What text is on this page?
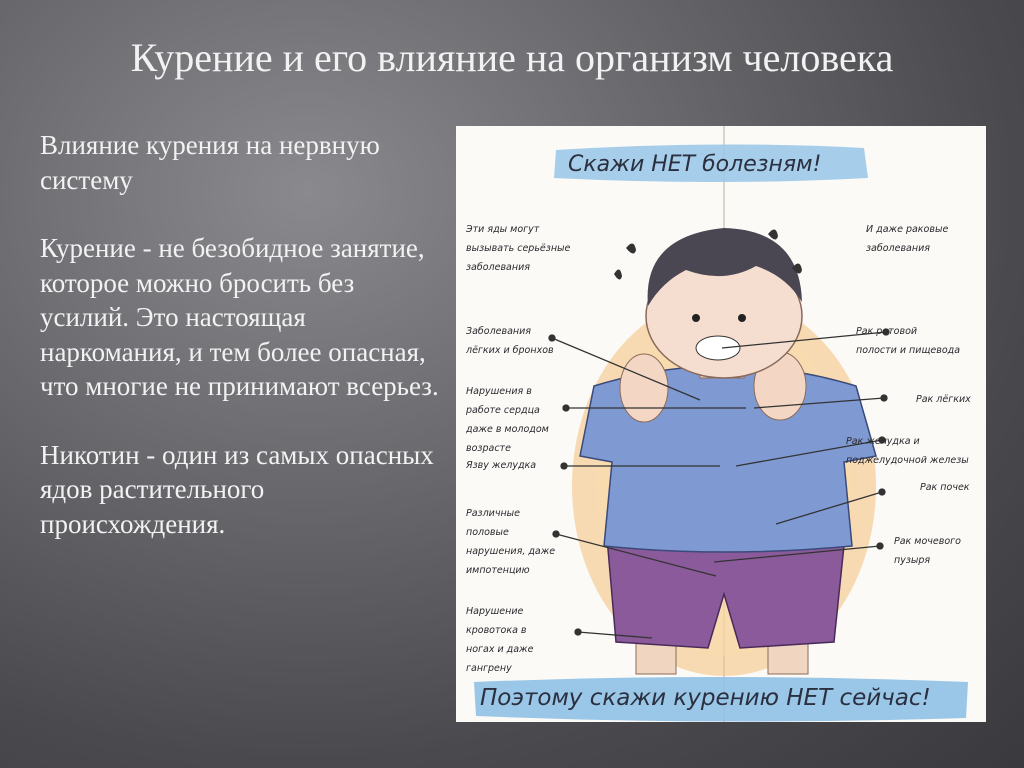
Курение и его влияние на организм человека

Влияние курения на нервную систему

Курение - не безобидное занятие, которое можно бросить без усилий. Это настоящая наркомания, и тем более опасная, что многие не принимают всерьез.

Никотин - один из самых опасных ядов растительного происхождения.

Скажи НЕТ болезням!
Поэтому скажи курению НЕТ сейчас!
Эти яды могут
вызывать серьёзные
заболевания
Заболевания
лёгких и бронхов
Нарушения в
работе сердца
даже в молодом
возрасте
Язву желудка
Различные
половые
нарушения, даже
импотенцию
Нарушение
кровотока в
ногах и даже
гангрену
И даже раковые
заболевания
Рак ротовой
полости и пищевода
Рак лёгких
Рак желудка и
поджелудочной железы
Рак почек
Рак мочевого
пузыря
